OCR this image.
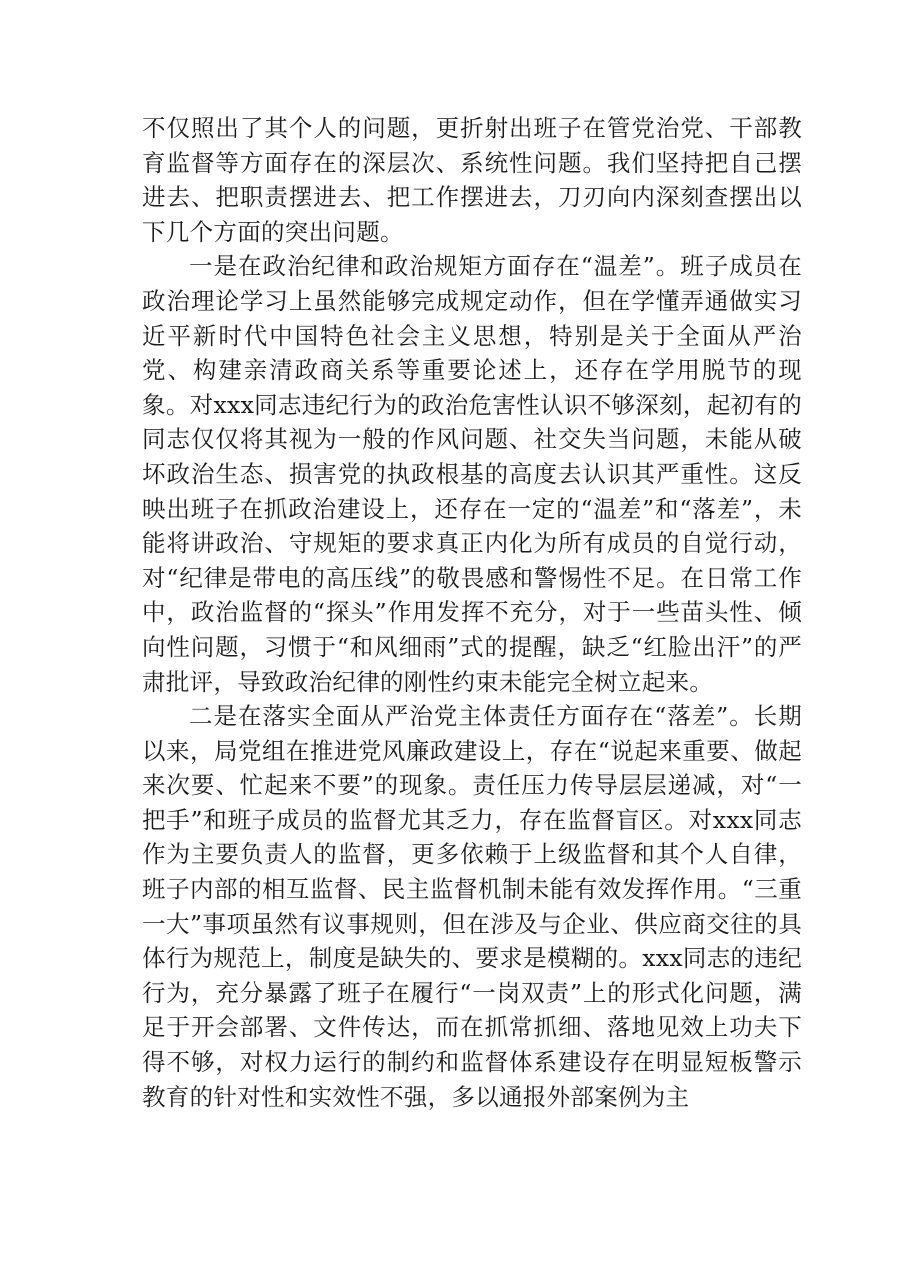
不仅照出了其个人的问题，更折射出班子在管党治党、干部教育监督等方面存在的深层次、系统性问题。我们坚持把自己摆进去、把职责摆进去、把工作摆进去，刀刃向内深刻查摆出以下几个方面的突出问题。

一是在政治纪律和政治规矩方面存在“温差”。班子成员在政治理论学习上虽然能够完成规定动作，但在学懂弄通做实习近平新时代中国特色社会主义思想，特别是关于全面从严治党、构建亲清政商关系等重要论述上，还存在学用脱节的现象。对xxx同志违纪行为的政治危害性认识不够深刻，起初有的同志仅仅将其视为一般的作风问题、社交失当问题，未能从破坏政治生态、损害党的执政根基的高度去认识其严重性。这反映出班子在抓政治建设上，还存在一定的“温差”和“落差”，未能将讲政治、守规矩的要求真正内化为所有成员的自觉行动，对“纪律是带电的高压线”的敬畏感和警惕性不足。在日常工作中，政治监督的“探头”作用发挥不充分，对于一些苗头性、倾向性问题，习惯于“和风细雨”式的提醒，缺乏“红脸出汗”的严肃批评，导致政治纪律的刚性约束未能完全树立起来。

二是在落实全面从严治党主体责任方面存在“落差”。长期以来，局党组在推进党风廉政建设上，存在“说起来重要、做起来次要、忙起来不要”的现象。责任压力传导层层递减，对“一把手”和班子成员的监督尤其乏力，存在监督盲区。对xxx同志作为主要负责人的监督，更多依赖于上级监督和其个人自律，班子内部的相互监督、民主监督机制未能有效发挥作用。“三重一大”事项虽然有议事规则，但在涉及与企业、供应商交往的具体行为规范上，制度是缺失的、要求是模糊的。xxx同志的违纪行为，充分暴露了班子在履行“一岗双责”上的形式化问题，满足于开会部署、文件传达，而在抓常抓细、落地见效上功夫下得不够，对权力运行的制约和监督体系建设存在明显短板警示教育的针对性和实效性不强，多以通报外部案例为主
